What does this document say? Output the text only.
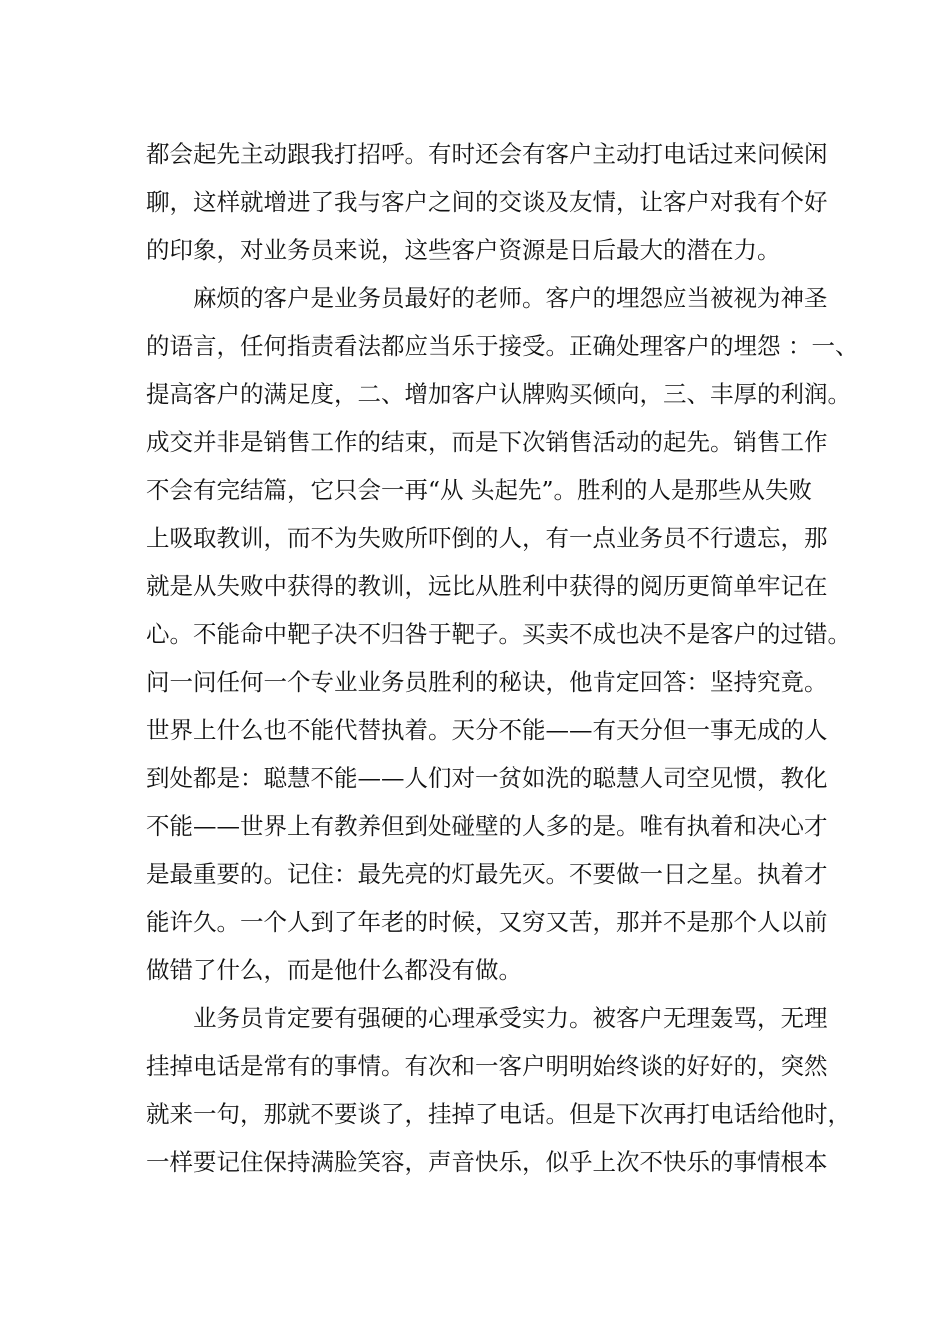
都会起先主动跟我打招呼。有时还会有客户主动打电话过来问候闲
聊，这样就增进了我与客户之间的交谈及友情，让客户对我有个好
的印象，对业务员来说，这些客户资源是日后最大的潜在力。
麻烦的客户是业务员最好的老师。客户的埋怨应当被视为神圣
的语言，任何指责看法都应当乐于接受。正确处理客户的埋怨 ：一、
提高客户的满足度，二、增加客户认牌购买倾向，三、丰厚的利润。
成交并非是销售工作的结束，而是下次销售活动的起先。销售工作
不会有完结篇，它只会一再“从 头起先”。胜利的人是那些从失败
上吸取教训，而不为失败所吓倒的人，有一点业务员不行遗忘，那
就是从失败中获得的教训，远比从胜利中获得的阅历更简单牢记在
心。不能命中靶子决不归咎于靶子。买卖不成也决不是客户的过错。
问一问任何一个专业业务员胜利的秘诀，他肯定回答：坚持究竟。
世界上什么也不能代替执着。天分不能——有天分但一事无成的人
到处都是：聪慧不能——人们对一贫如洗的聪慧人司空见惯，教化
不能——世界上有教养但到处碰壁的人多的是。唯有执着和决心才
是最重要的。记住：最先亮的灯最先灭。不要做一日之星。执着才
能许久。一个人到了年老的时候，又穷又苦，那并不是那个人以前
做错了什么，而是他什么都没有做。
业务员肯定要有强硬的心理承受实力。被客户无理轰骂，无理
挂掉电话是常有的事情。有次和一客户明明始终谈的好好的，突然
就来一句，那就不要谈了，挂掉了电话。但是下次再打电话给他时，
一样要记住保持满脸笑容，声音快乐，似乎上次不快乐的事情根本
